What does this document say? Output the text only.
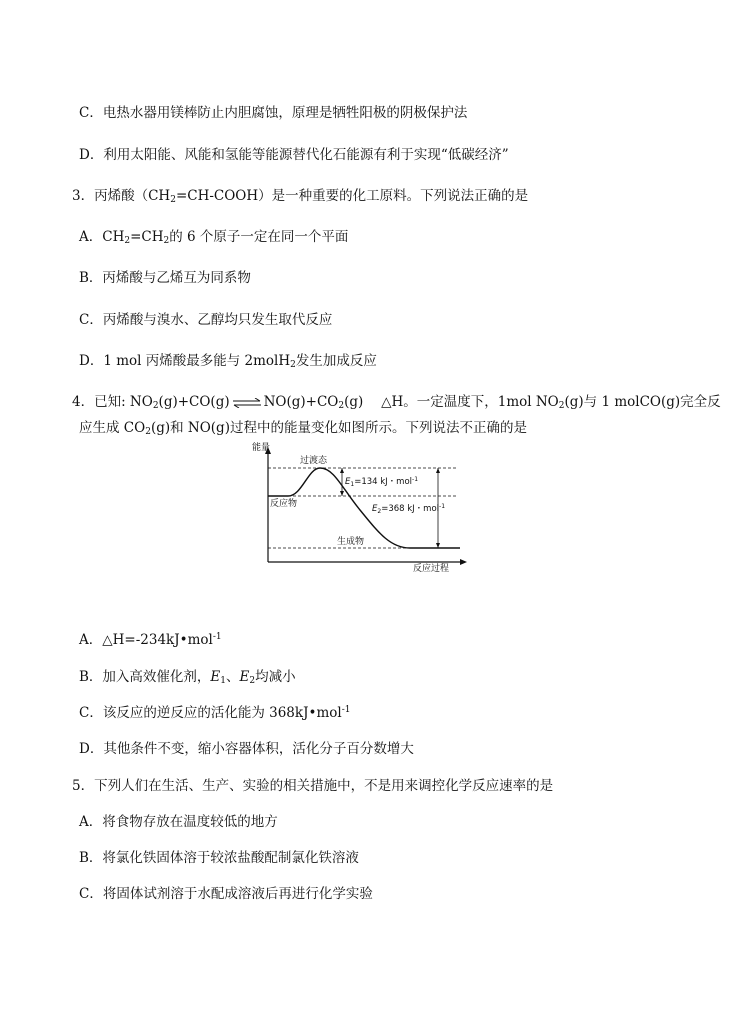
C．电热水器用镁棒防止内胆腐蚀，原理是牺牲阳极的阴极保护法
D．利用太阳能、风能和氢能等能源替代化石能源有利于实现“低碳经济”
3．丙烯酸$(CH_2=CH-COOH)$是一种重要的化工原料。下列说法正确的是
A．$CH_2=CH_2$的 6 个原子一定在同一个平面
B．丙烯酸与乙烯互为同系物
C．丙烯酸与溴水、乙醇均只发生取代反应
D．1 mol 丙烯酸最多能与 2molH$_2$发生加成反应
4．已知: $NO_2(g)+CO(g)$ ⇌ $NO(g)+CO_2(g)$　 △H。一定温度下，1mol $NO_2(g)$与 1 molCO(g)完全反
应生成 $CO_2(g)$和 NO(g)过程中的能量变化如图所示。下列说法不正确的是
能量
反应过程
过渡态
反应物
生成物
$E_1=134$ kJ・mol$^{-1}$
$E_2=368$ kJ・mol$^{-1}$
A．△H=-234kJ•mol$^{-1}$
B．加入高效催化剂，$E_1$、$E_2$均减小
C．该反应的逆反应的活化能为 368kJ•mol$^{-1}$
D．其他条件不变，缩小容器体积，活化分子百分数增大
5．下列人们在生活、生产、实验的相关措施中，不是用来调控化学反应速率的是
A．将食物存放在温度较低的地方
B．将氯化铁固体溶于较浓盐酸配制氯化铁溶液
C．将固体试剂溶于水配成溶液后再进行化学实验
